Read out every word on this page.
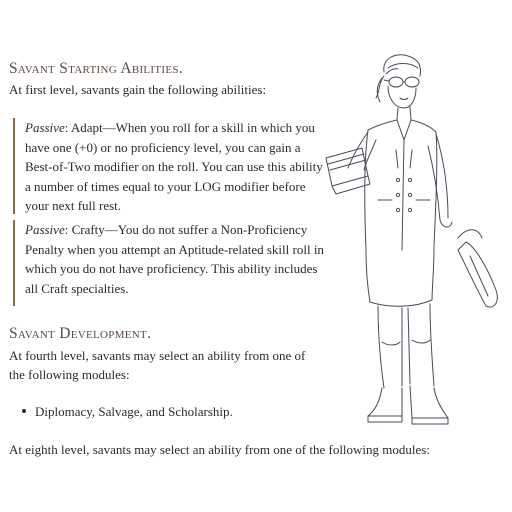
Savant Starting Abilities.

At first level, savants gain the following abilities:

Passive: Adapt—When you roll for a skill in which you have one (+0) or no proficiency level, you can gain a Best-of-Two modifier on the roll. You can use this ability a number of times equal to your LOG modifier before your next full rest.
Passive: Crafty—You do not suffer a Non-Proficiency Penalty when you attempt an Aptitude-related skill roll in which you do not have proficiency. This ability includes all Craft specialties.
Savant Development.

At fourth level, savants may select an ability from one of the following modules:

Diplomacy, Salvage, and Scholarship.

At eighth level, savants may select an ability from one of the following modules:
